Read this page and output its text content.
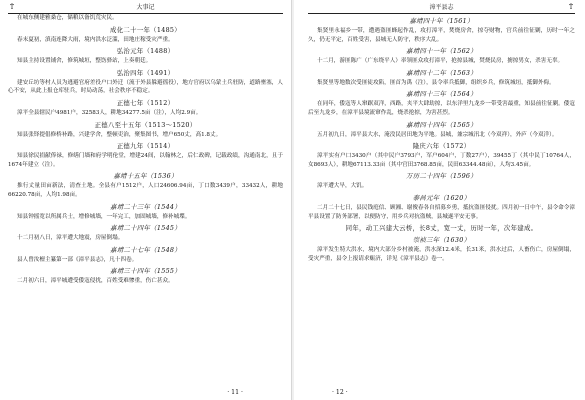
Ť	大事记

在城东侧建雅桑仓，储粮以备饥荒灾民。

成化二十一年（1485）

春末夏初，滇南连降大雨，境内洪水泛滥，田地庄稼受灾严重。

弘治元年（1488）

知县主持设置铺舍，修筑城垣，整饬驿站，上奏朝廷。

弘治四年（1491）

建安丘坊等村人员为逃避官府差役户口外迁（流于外县躲避徭役），地方官府以乌蒙土兵驻防，道路壅塞，人心不安，从此上报仓库驻兵，时局动荡，社会秩序不稳定。

正德七年（1512）

漳平全县辖民户4981户，32583人，耕地34277.5亩（注），人均2.9亩。

正德八至十五年（1513～1520）

知县张铎提倡修桥补路，兴建学舍，整顿吏治，聚集图书，增户650丈，高1.8丈。

正德九年（1514）

知县徐民捐献俸禄，修缮门墙和府学明伦堂，增建24间，以翰林之，后仁政碑，记载政绩，沟通南北，且于1674年建立（注）。

嘉靖十五年（1536）

推行丈量田亩新法，清查土地。全县有户1512户，人口24606.94亩，丁口数3439户，33432人，耕地66220.78亩，人均1.98亩。

嘉靖二十三年（1544）

知县钟摇宽以所属兵士，增修城墙，一年完工，加固城墙，修补城堞。

嘉靖二十四年（1545）

十二月初八日，漳平遭大地震，房屋倒塌。

嘉靖二十七年（1548）

县人曾汝檀主纂第一部《漳平县志》，凡十四卷。

嘉靖三十四年（1555）

二月初六日，漳平城遭受倭寇侵扰，百姓受难惨重，伤亡甚众。

· 11 ·
Ť
漳平县志

嘉靖四十年（1561）

集贤里永福乡一带，遭遇盗匪蜂起作乱，攻打漳平，焚烧房舍，掠夺财物，官兵前往征剿，历时一年之久，仍无平定，百姓受害，县城无人防守，秩序大乱。

嘉靖四十一年（1562）

十二月，游匪陈广（广东绕平人）率领匪众攻打漳平，抢掠县城，焚烧民房，掳掠男女，杀害无辜。

嘉靖四十二年（1563）

集贤里等地数次受匪徒攻陷，匪首为禹（注），县令率兵抵御，组织乡兵，修筑城垣，抵御外侮。

嘉靖四十三年（1564）

在同年，倭寇等人窜踞双洋，西路，夹平大肆劫掠，以东洋里九龙乡一带受害最重，知县前往征剿。倭寇后至九龙乡，在漳平县境流窜作乱，烧杀抢掠，为害甚烈。

嘉靖四十四年（1565）

五月初九日，漳平县大水，淹没民居田地为平地。县城，兼宗城汛北（今双祥），外庐（今双洋）。

隆庆六年（1572）

漳平实有户口3430户（其中民户3793户，军户604户，丁数27户），39455丁（其中民丁10764人，女8693人），耕地67113.33亩（其中官田3768.85亩，民田63344.48亩），人均3.45亩。

万历二十四年（1596）

漳平遭大旱，大饥。

泰昌元年（1620）

二月二十七日，县民钱庭信、顾湘、谢俊春各自招募乡勇，抵抗盗匪侵扰。四月初一日中午，县令命令漳平县设置了防务部署，以便防守，用乡兵对抗盗贼，县城遂平安无事。

同年，动工兴建大云桥，长8丈，宽一丈，历时一年，次年建成。

崇祯三年（1630）

漳平发生特大洪水，境内大部分乡村被淹，洪水深12.4米，长31米，洪水过后，人畜伤亡，房屋倒塌，受灾严重，县令上报请求赈济，详见《漳平县志》卷一。

· 12 ·
